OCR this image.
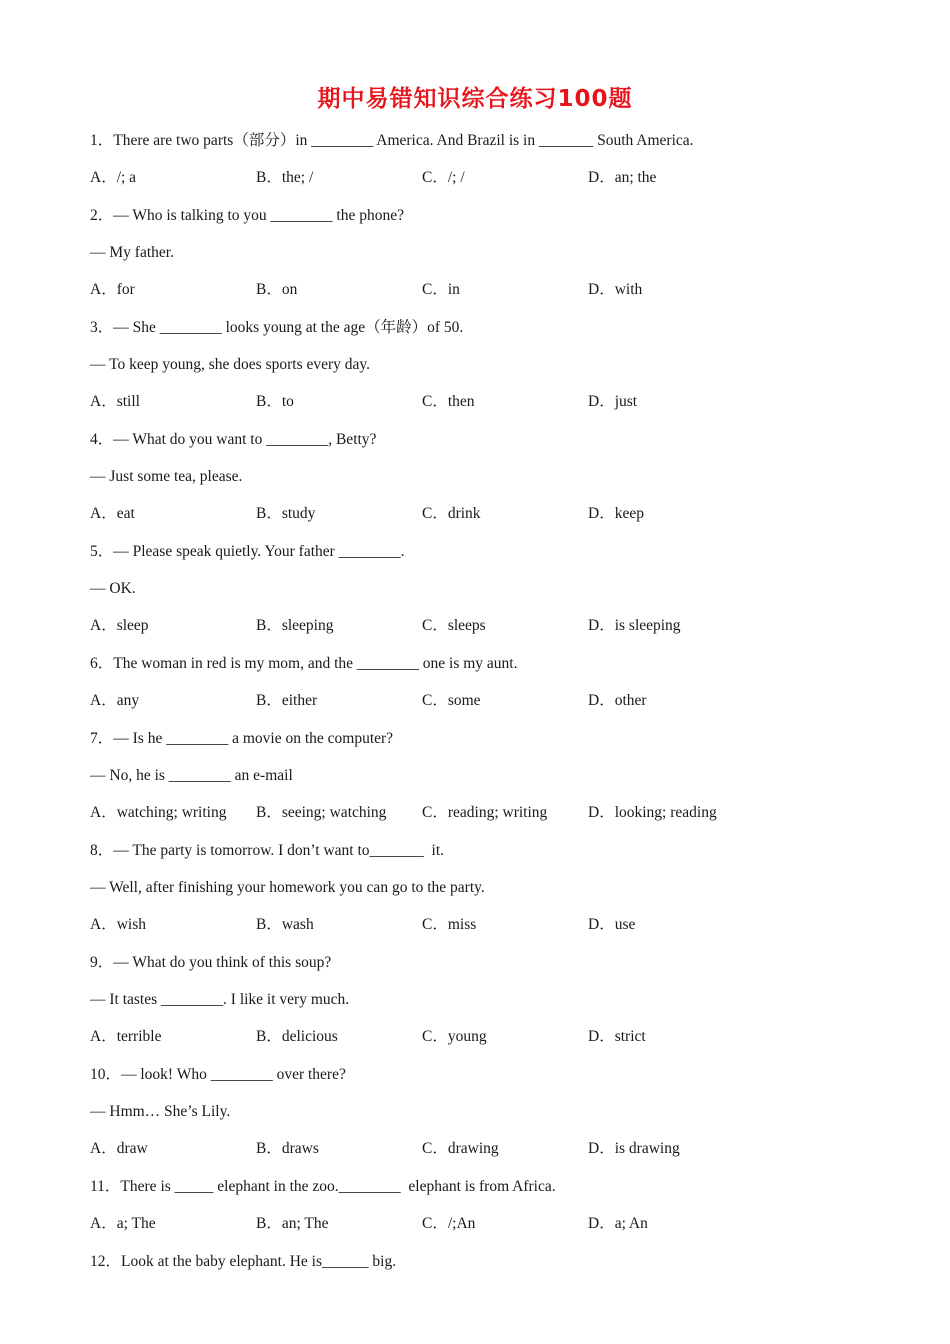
期中易错知识综合练习100题
1．There are two parts（部分）in ________ America. And Brazil is in _______ South America.
A．/; a	B．the; /	C．/; /	D．an; the
2．— Who is talking to you ________ the phone?
— My father.
A．for	B．on	C．in	D．with
3．— She ________ looks young at the age（年龄）of 50.
— To keep young, she does sports every day.
A．still	B．to	C．then	D．just
4．— What do you want to ________, Betty?
— Just some tea, please.
A．eat	B．study	C．drink	D．keep
5．— Please speak quietly. Your father ________.
— OK.
A．sleep	B．sleeping	C．sleeps	D．is sleeping
6．The woman in red is my mom, and the ________ one is my aunt.
A．any	B．either	C．some	D．other
7．— Is he ________ a movie on the computer?
— No, he is ________ an e-mail
A．watching; writing B．seeing; watching C．reading; writing	D．looking; reading
8．— The party is tomorrow. I don’t want to_______  it.
— Well, after finishing your homework you can go to the party.
A．wish	B．wash	C．miss	D．use
9．— What do you think of this soup?
— It tastes ________. I like it very much.
A．terrible	B．delicious	C．young	D．strict
10．— look! Who ________ over there?
— Hmm… She’s Lily.
A．draw	B．draws	C．drawing	D．is drawing
11．There is _____ elephant in the zoo.________  elephant is from Africa.
A．a; The	B．an; The	C．/;An	D．a; An
12．Look at the baby elephant. He is______ big.
